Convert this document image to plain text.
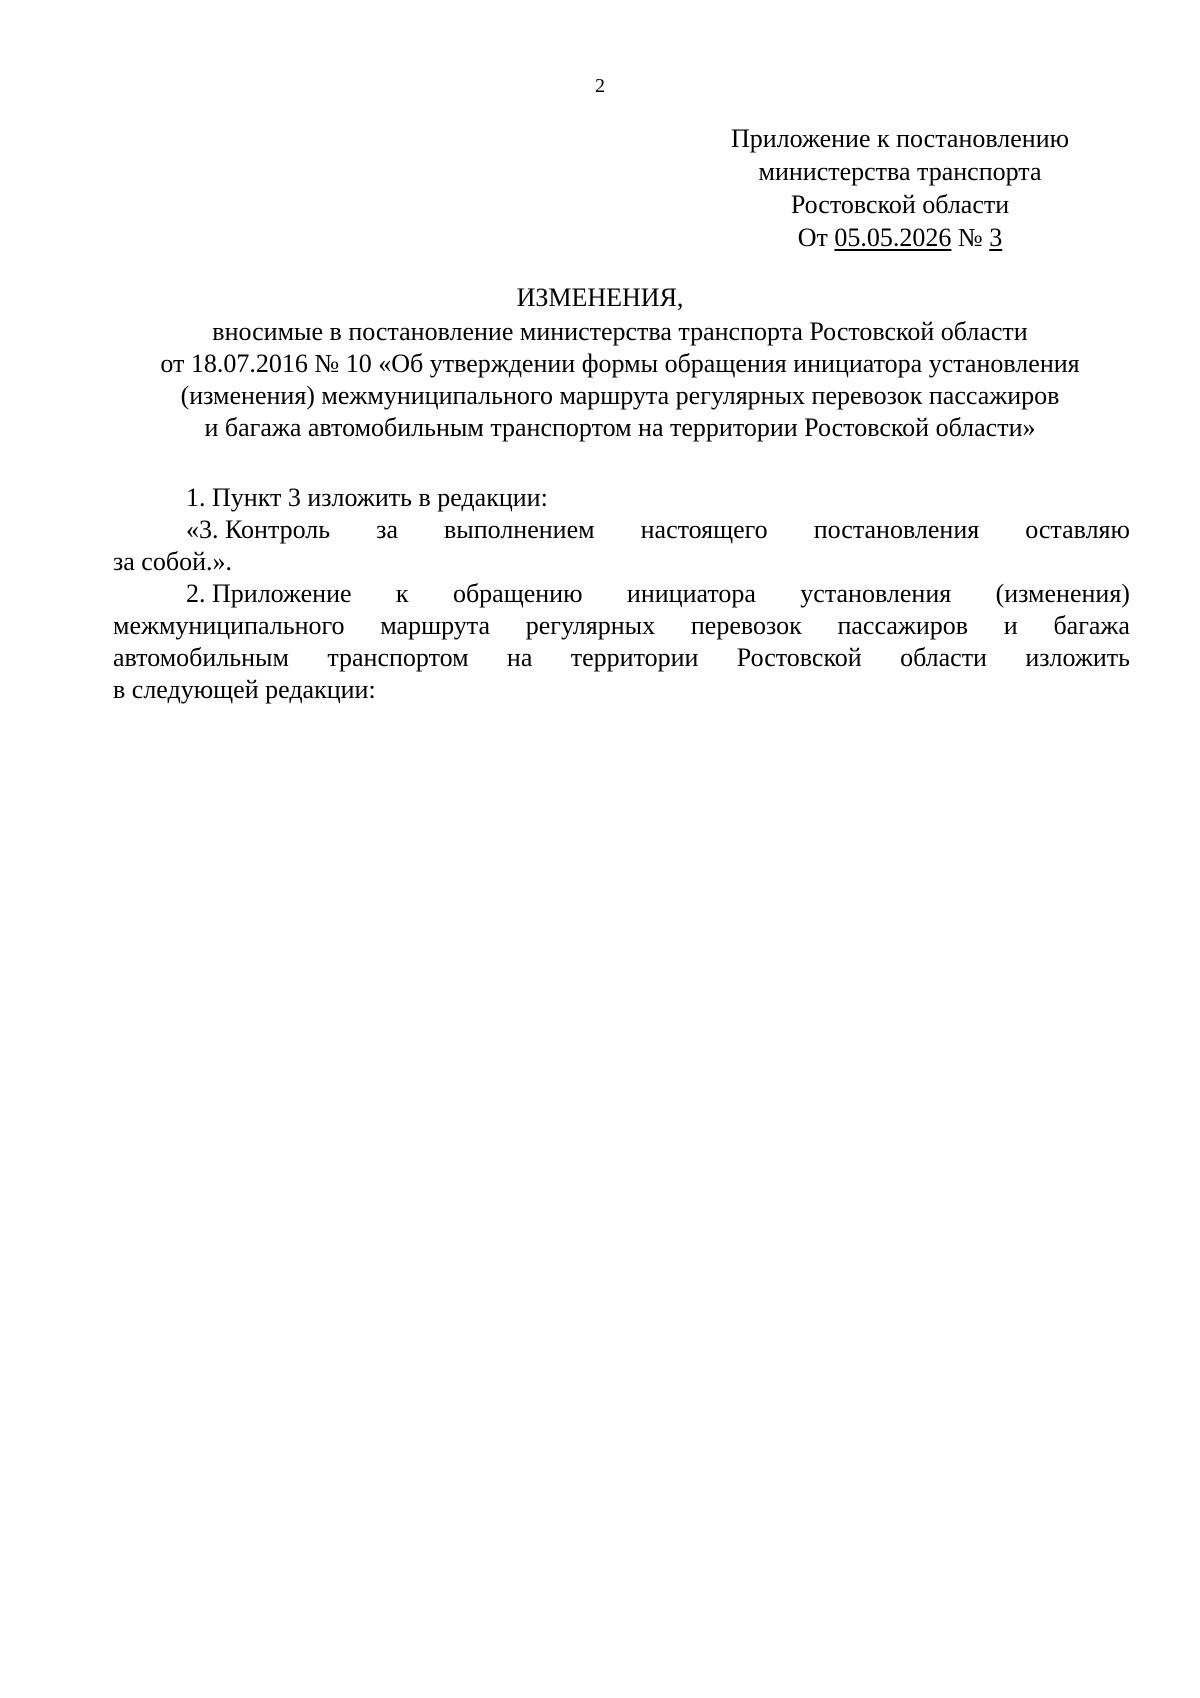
2
Приложение к постановлению
министерства транспорта
Ростовской области
От 05.05.2026 № 3
ИЗМЕНЕНИЯ,
вносимые в постановление министерства транспорта Ростовской области
от 18.07.2016 № 10 «Об утверждении формы обращения инициатора установления
(изменения) межмуниципального маршрута регулярных перевозок пассажиров
и багажа автомобильным транспортом на территории Ростовской области»
1. Пункт 3 изложить в редакции:
«3. Контроль за выполнением настоящего постановления оставляю
за собой.».
2. Приложение к обращению инициатора установления (изменения)
межмуниципального маршрута регулярных перевозок пассажиров и багажа
автомобильным транспортом на территории Ростовской области изложить
в следующей редакции:
